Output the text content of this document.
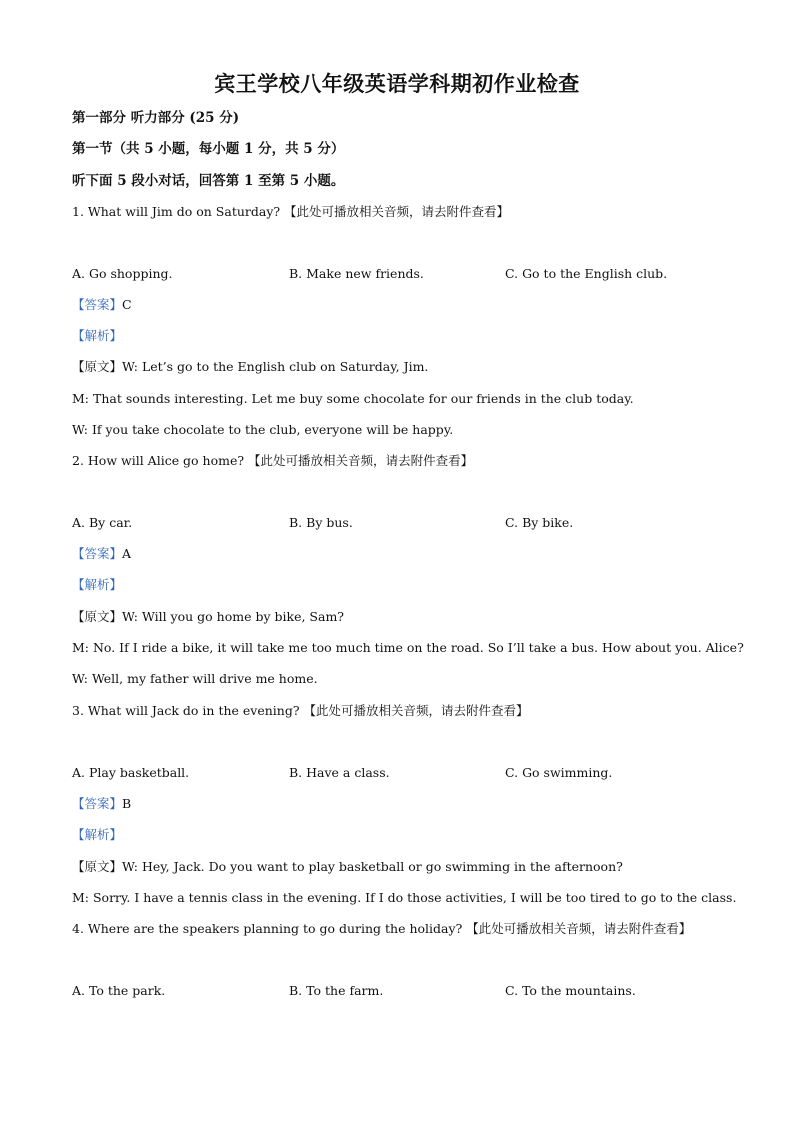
宾王学校八年级英语学科期初作业检查
第一部分 听力部分 (25 分)
第一节（共 5 小题，每小题 1 分，共 5 分）
听下面 5 段小对话，回答第 1 至第 5 小题。
1. What will Jim do on Saturday? 【此处可播放相关音频，请去附件查看】
A. Go shopping.	B. Make new friends.	C. Go to the English club.
【答案】C
【解析】
【原文】W: Let’s go to the English club on Saturday, Jim.
M: That sounds interesting. Let me buy some chocolate for our friends in the club today.
W: If you take chocolate to the club, everyone will be happy.
2. How will Alice go home? 【此处可播放相关音频，请去附件查看】
A. By car.	B. By bus.	C. By bike.
【答案】A
【解析】
【原文】W: Will you go home by bike, Sam?
M: No. If I ride a bike, it will take me too much time on the road. So I’ll take a bus. How about you. Alice?
W: Well, my father will drive me home.
3. What will Jack do in the evening? 【此处可播放相关音频，请去附件查看】
A. Play basketball.	B. Have a class.	C. Go swimming.
【答案】B
【解析】
【原文】W: Hey, Jack. Do you want to play basketball or go swimming in the afternoon?
M: Sorry. I have a tennis class in the evening. If I do those activities, I will be too tired to go to the class.
4. Where are the speakers planning to go during the holiday? 【此处可播放相关音频，请去附件查看】
A. To the park.	B. To the farm.	C. To the mountains.
